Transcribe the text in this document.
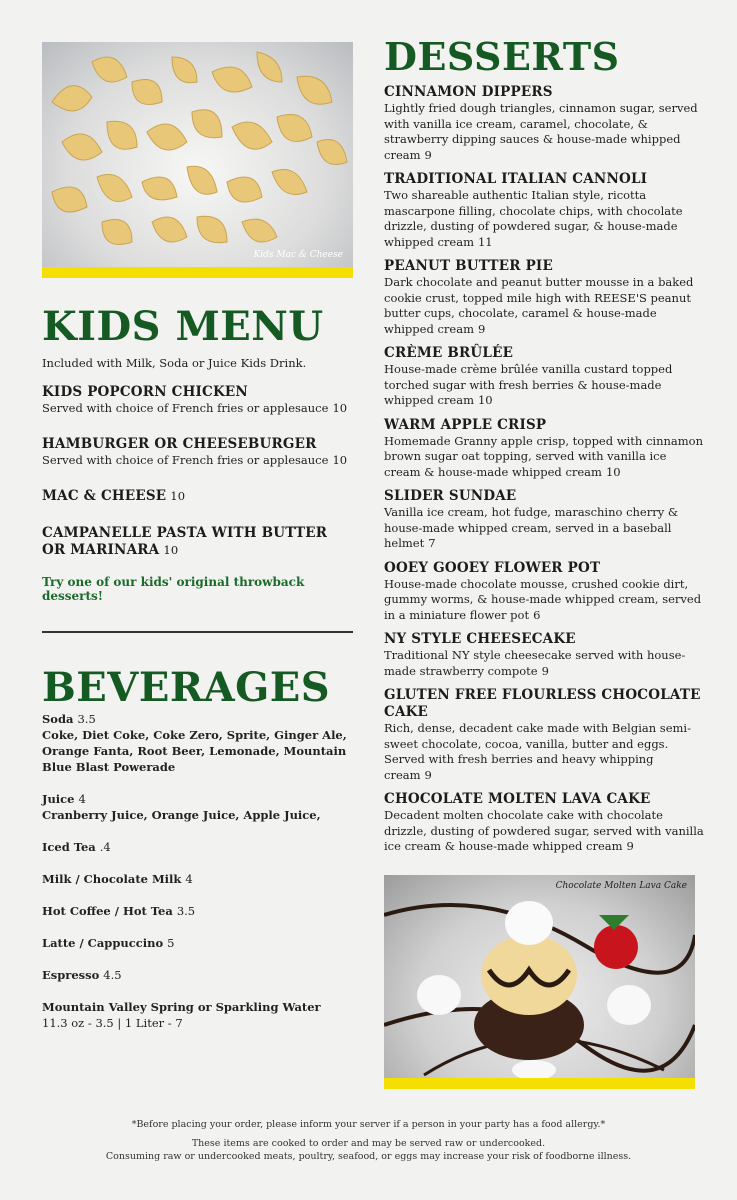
Kids Mac & Cheese
KIDS MENU
Included with Milk, Soda or Juice Kids Drink.
KIDS POPCORN CHICKEN
Served with choice of French fries or applesauce 10
HAMBURGER OR CHEESEBURGER
Served with choice of French fries or applesauce 10
MAC & CHEESE 10
CAMPANELLE PASTA WITH BUTTER OR MARINARA 10
Try one of our kids' original throwback desserts!
BEVERAGES
Soda 3.5
Coke, Diet Coke, Coke Zero, Sprite, Ginger Ale, Orange Fanta, Root Beer, Lemonade, Mountain Blue Blast Powerade
Juice 4
Cranberry Juice, Orange Juice, Apple Juice,
Iced Tea .4
Milk / Chocolate Milk 4
Hot Coffee / Hot Tea 3.5
Latte / Cappuccino 5
Espresso 4.5
Mountain Valley Spring or Sparkling Water
11.3 oz - 3.5 | 1 Liter - 7
DESSERTS
CINNAMON DIPPERS
Lightly fried dough triangles, cinnamon sugar, served with vanilla ice cream, caramel, chocolate, & strawberry dipping sauces & house-made whipped cream 9
TRADITIONAL ITALIAN CANNOLI
Two shareable authentic Italian style, ricotta mascarpone filling, chocolate chips, with chocolate drizzle, dusting of powdered sugar, & house-made whipped cream 11
PEANUT BUTTER PIE
Dark chocolate and peanut butter mousse in a baked cookie crust, topped mile high with REESE'S peanut butter cups, chocolate, caramel & house-made whipped cream 9
CRÈME BRÛLÉE
House-made crème brûlée vanilla custard topped torched sugar with fresh berries & house-made whipped cream 10
WARM APPLE CRISP
Homemade Granny apple crisp, topped with cinnamon brown sugar oat topping, served with vanilla ice cream & house-made whipped cream 10
SLIDER SUNDAE
Vanilla ice cream, hot fudge, maraschino cherry & house-made whipped cream, served in a baseball helmet 7
OOEY GOOEY FLOWER POT
House-made chocolate mousse, crushed cookie dirt, gummy worms, & house-made whipped cream, served in a miniature flower pot 6
NY STYLE CHEESECAKE
Traditional NY style cheesecake served with house-made strawberry compote 9
GLUTEN FREE FLOURLESS CHOCOLATE CAKE
Rich, dense, decadent cake made with Belgian semi-sweet chocolate, cocoa, vanilla, butter and eggs. Served with fresh berries and heavy whipping cream 9
CHOCOLATE MOLTEN LAVA CAKE
Decadent molten chocolate cake with chocolate drizzle, dusting of powdered sugar, served with vanilla ice cream & house-made whipped cream 9
Chocolate Molten Lava Cake
*Before placing your order, please inform your server if a person in your party has a food allergy.*
These items are cooked to order and may be served raw or undercooked.
Consuming raw or undercooked meats, poultry, seafood, or eggs may increase your risk of foodborne illness.
